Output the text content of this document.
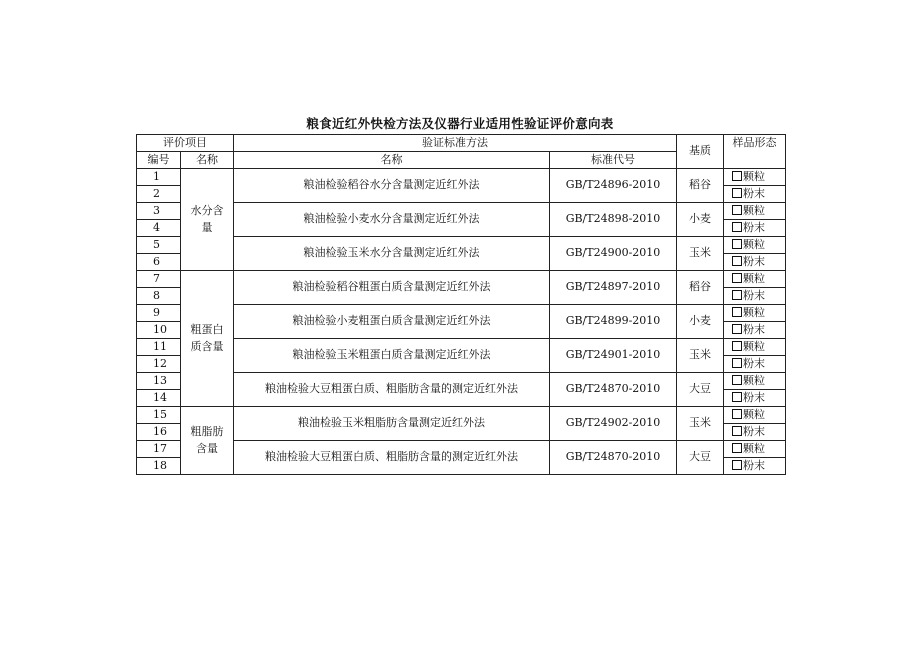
粮食近红外快检方法及仪器行业适用性验证评价意向表
评价项目		验证标准方法		基质	样品形态
编号	名称	名称	标准代号		
1	水分含量	粮油检验稻谷水分含量测定近红外法	GB/T24896-2010	稻谷	颗粒
2					粉末
3		粮油检验小麦水分含量测定近红外法	GB/T24898-2010	小麦	颗粒
4					粉末
5		粮油检验玉米水分含量测定近红外法	GB/T24900-2010	玉米	颗粒
6					粉末
7	粗蛋白质含量	粮油检验稻谷粗蛋白质含量测定近红外法	GB/T24897-2010	稻谷	颗粒
8					粉末
9		粮油检验小麦粗蛋白质含量测定近红外法	GB/T24899-2010	小麦	颗粒
10					粉末
11		粮油检验玉米粗蛋白质含量测定近红外法	GB/T24901-2010	玉米	颗粒
12					粉末
13		粮油检验大豆粗蛋白质、粗脂肪含量的测定近红外法	GB/T24870-2010	大豆	颗粒
14					粉末
15	粗脂肪含量	粮油检验玉米粗脂肪含量测定近红外法	GB/T24902-2010	玉米	颗粒
16					粉末
17		粮油检验大豆粗蛋白质、粗脂肪含量的测定近红外法	GB/T24870-2010	大豆	颗粒
18					粉末
